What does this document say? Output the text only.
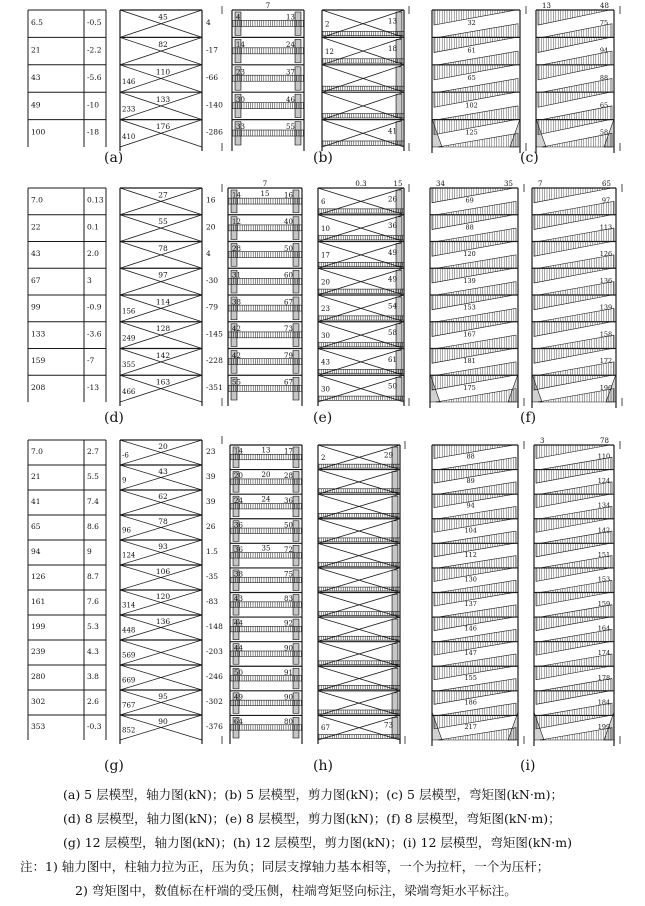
6.5	-0.5
21	-2.2
43	-5.6
49	-10
100	-18
45
4
82
-17
110
-66
146
133
-140
233
176
-286
410
7.0	0.13
22	0.1
43	2.0
67	3
99	-0.9
133	-3.6
159	-7
208	-13
27
16
55
20
78
4
97
-30
114
-79
156
128
-145
249
142
-228
355
163
-351
466
7.0	2.7
21	5.5
41	7.4
65	8.6
94	9
126	8.7
161	7.6
199	5.3
239	4.3
280	3.8
302	2.6
353	-0.3
20
23
-6
43
39
9
62
39
78
26
96
93
1.5
124
106
-35
120
-83
314
136
-148
448
-203
569
-246
669
95
-302
767
90
-376
852
4	13
14	24
23	37
30	46
33	55
7
2	13
12	18
41
14	16
15
12	40
28	50
31	60
38	67
42	73
42	79
55	67
7
6	26
10	36
17	49
20	49
23	54
30	58
43	61
30	50
0.3	15
14	17
13
20	28
20
24	36
24
36	50
36	72
35
38	75
43	83
44	92
44	90
50	91
49	90
64	80
2	29
67	73
32
61
65
102
125
75
94
88
65
58
13	48
69
88
120
139
153
167
181
175
34	35
97
113
126
136
139
158
172
196
7	65
88
89
94
104
112
130
137
146
147
155
186
217
110
124
134
142
151
153
159
164
174
178
184
199
3	78
(a)	(b)	(c)
(d)	(e)	(f)
(g)	(h)	(i)
(a) 5 层模型，轴力图(kN)；(b) 5 层模型，剪力图(kN)；(c) 5 层模型，弯矩图(kN·m)；
(d) 8 层模型，轴力图(kN)；(e) 8 层模型，剪力图(kN)；(f) 8 层模型，弯矩图(kN·m)；
(g) 12 层模型，轴力图(kN)；(h) 12 层模型，剪力图(kN)；(i) 12 层模型，弯矩图(kN·m)
注：1) 轴力图中，柱轴力拉为正，压为负；同层支撑轴力基本相等，一个为拉杆，一个为压杆；
2) 弯矩图中，数值标在杆端的受压侧，柱端弯矩竖向标注，梁端弯矩水平标注。
